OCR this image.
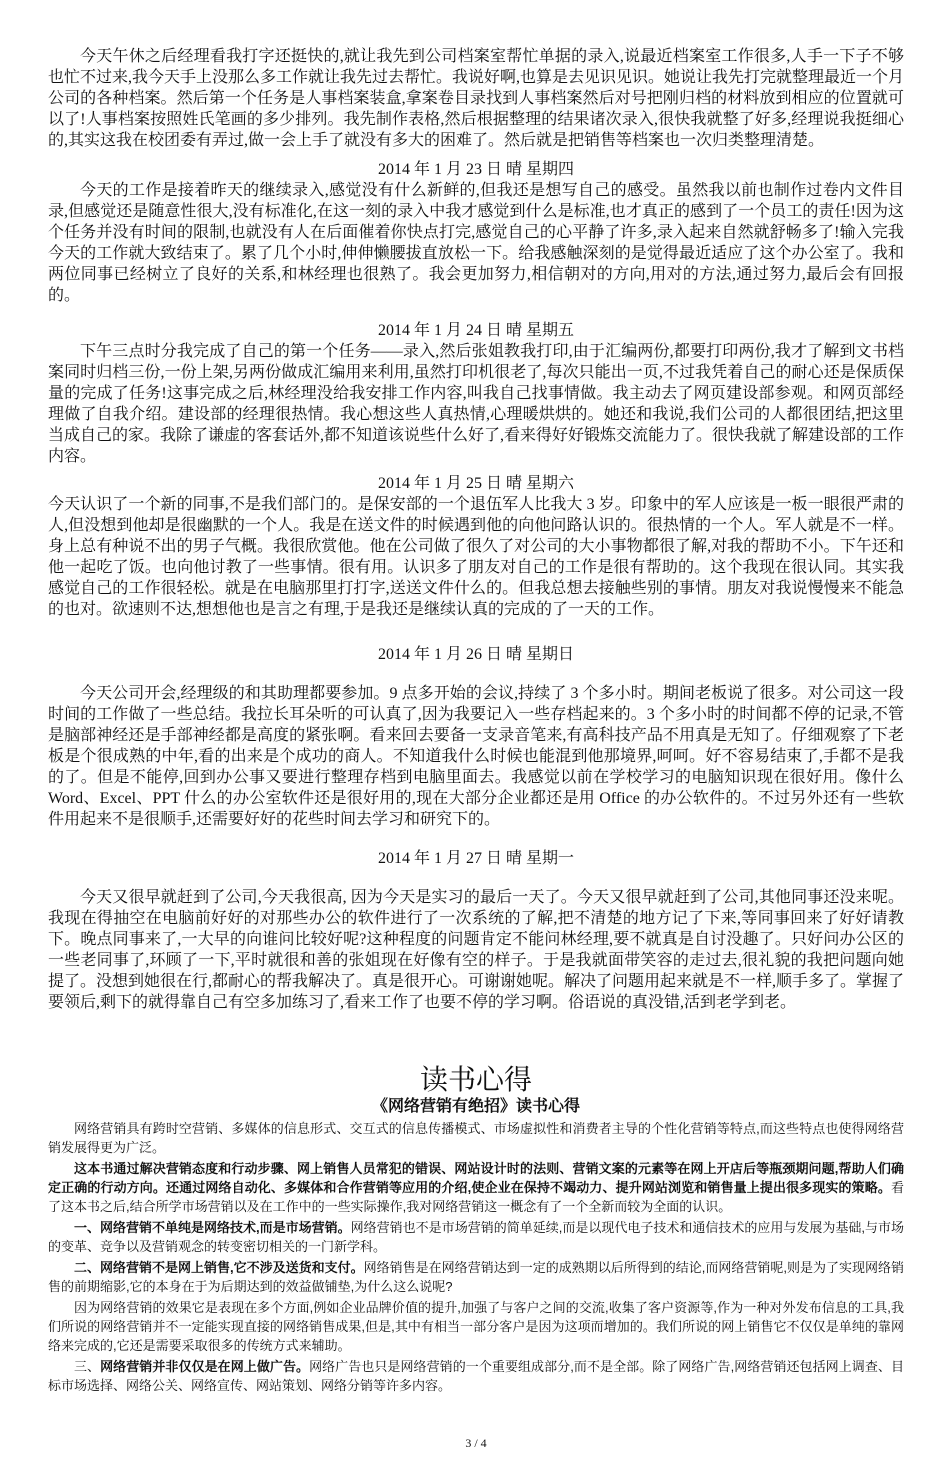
今天午休之后经理看我打字还挺快的,就让我先到公司档案室帮忙单据的录入,说最近档案室工作很多,人手一下子不够也忙不过来,我今天手上没那么多工作就让我先过去帮忙。我说好啊,也算是去见识见识。她说让我先打完就整理最近一个月公司的各种档案。然后第一个任务是人事档案装盒,拿案卷目录找到人事档案然后对号把刚归档的材料放到相应的位置就可以了!人事档案按照姓氏笔画的多少排列。我先制作表格,然后根据整理的结果诸次录入,很快我就整了好多,经理说我挺细心的,其实这我在校团委有弄过,做一会上手了就没有多大的困难了。然后就是把销售等档案也一次归类整理清楚。

2014 年 1 月 23 日 晴 星期四

今天的工作是接着昨天的继续录入,感觉没有什么新鲜的,但我还是想写自己的感受。虽然我以前也制作过卷内文件目录,但感觉还是随意性很大,没有标准化,在这一刻的录入中我才感觉到什么是标准,也才真正的感到了一个员工的责任!因为这个任务并没有时间的限制,也就没有人在后面催着你快点打完,感觉自己的心平静了许多,录入起来自然就舒畅多了!输入完我今天的工作就大致结束了。累了几个小时,伸伸懒腰拔直放松一下。给我感触深刻的是觉得最近适应了这个办公室了。我和两位同事已经树立了良好的关系,和林经理也很熟了。我会更加努力,相信朝对的方向,用对的方法,通过努力,最后会有回报的。

2014 年 1 月 24 日 晴 星期五

下午三点时分我完成了自己的第一个任务——录入,然后张姐教我打印,由于汇编两份,都要打印两份,我才了解到文书档案同时归档三份,一份上架,另两份做成汇编用来利用,虽然打印机很老了,每次只能出一页,不过我凭着自己的耐心还是保质保量的完成了任务!这事完成之后,林经理没给我安排工作内容,叫我自己找事情做。我主动去了网页建设部参观。和网页部经理做了自我介绍。建设部的经理很热情。我心想这些人真热情,心理暖烘烘的。她还和我说,我们公司的人都很团结,把这里当成自己的家。我除了谦虚的客套话外,都不知道该说些什么好了,看来得好好锻炼交流能力了。很快我就了解建设部的工作内容。

2014 年 1 月 25 日 晴 星期六

今天认识了一个新的同事,不是我们部门的。是保安部的一个退伍军人比我大 3 岁。印象中的军人应该是一板一眼很严肃的人,但没想到他却是很幽默的一个人。我是在送文件的时候遇到他的向他问路认识的。很热情的一个人。军人就是不一样。身上总有种说不出的男子气概。我很欣赏他。他在公司做了很久了对公司的大小事物都很了解,对我的帮助不小。下午还和他一起吃了饭。也向他讨教了一些事情。很有用。认识多了朋友对自己的工作是很有帮助的。这个我现在很认同。其实我感觉自己的工作很轻松。就是在电脑那里打打字,送送文件什么的。但我总想去接触些别的事情。朋友对我说慢慢来不能急的也对。欲速则不达,想想他也是言之有理,于是我还是继续认真的完成的了一天的工作。

2014 年 1 月 26 日 晴 星期日

今天公司开会,经理级的和其助理都要参加。9 点多开始的会议,持续了 3 个多小时。期间老板说了很多。对公司这一段时间的工作做了一些总结。我拉长耳朵听的可认真了,因为我要记入一些存档起来的。3 个多小时的时间都不停的记录,不管是脑部神经还是手部神经都是高度的紧张啊。看来回去要备一支录音笔来,有高科技产品不用真是无知了。仔细观察了下老板是个很成熟的中年,看的出来是个成功的商人。不知道我什么时候也能混到他那境界,呵呵。好不容易结束了,手都不是我的了。但是不能停,回到办公事又要进行整理存档到电脑里面去。我感觉以前在学校学习的电脑知识现在很好用。像什么 Word、Excel、PPT 什么的办公室软件还是很好用的,现在大部分企业都还是用 Office 的办公软件的。不过另外还有一些软件用起来不是很顺手,还需要好好的花些时间去学习和研究下的。

2014 年 1 月 27 日 晴 星期一

今天又很早就赶到了公司,今天我很高, 因为今天是实习的最后一天了。今天又很早就赶到了公司,其他同事还没来呢。我现在得抽空在电脑前好好的对那些办公的软件进行了一次系统的了解,把不清楚的地方记了下来,等同事回来了好好请教下。晚点同事来了,一大早的向谁问比较好呢?这种程度的问题肯定不能问林经理,要不就真是自讨没趣了。只好问办公区的一些老同事了,环顾了一下,平时就很和善的张姐现在好像有空的样子。于是我就面带笑容的走过去,很礼貌的我把问题向她提了。没想到她很在行,都耐心的帮我解决了。真是很开心。可谢谢她呢。解决了问题用起来就是不一样,顺手多了。掌握了要领后,剩下的就得靠自己有空多加练习了,看来工作了也要不停的学习啊。俗语说的真没错,活到老学到老。

读书心得
《网络营销有绝招》读书心得

网络营销具有跨时空营销、多媒体的信息形式、交互式的信息传播模式、市场虚拟性和消费者主导的个性化营销等特点,而这些特点也使得网络营销发展得更为广泛。

这本书通过解决营销态度和行动步骤、网上销售人员常犯的错误、网站设计时的法则、营销文案的元素等在网上开店后等瓶颈期问题,帮助人们确定正确的行动方向。还通过网络自动化、多媒体和合作营销等应用的介绍,使企业在保持不竭动力、提升网站浏览和销售量上提出很多现实的策略。看了这本书之后,结合所学市场营销以及在工作中的一些实际操作,我对网络营销这一概念有了一个全新而较为全面的认识。

一、网络营销不单纯是网络技术,而是市场营销。网络营销也不是市场营销的简单延续,而是以现代电子技术和通信技术的应用与发展为基础,与市场的变革、竞争以及营销观念的转变密切相关的一门新学科。

二、网络营销不是网上销售,它不涉及送货和支付。网络销售是在网络营销达到一定的成熟期以后所得到的结论,而网络营销呢,则是为了实现网络销售的前期缩影,它的本身在于为后期达到的效益做铺垫,为什么这么说呢?

因为网络营销的效果它是表现在多个方面,例如企业品牌价值的提升,加强了与客户之间的交流,收集了客户资源等,作为一种对外发布信息的工具,我们所说的网络营销并不一定能实现直接的网络销售成果,但是,其中有相当一部分客户是因为这项而增加的。我们所说的网上销售它不仅仅是单纯的靠网络来完成的,它还是需要采取很多的传统方式来辅助。

三、网络营销并非仅仅是在网上做广告。网络广告也只是网络营销的一个重要组成部分,而不是全部。除了网络广告,网络营销还包括网上调查、目标市场选择、网络公关、网络宣传、网站策划、网络分销等许多内容。

3 / 4
